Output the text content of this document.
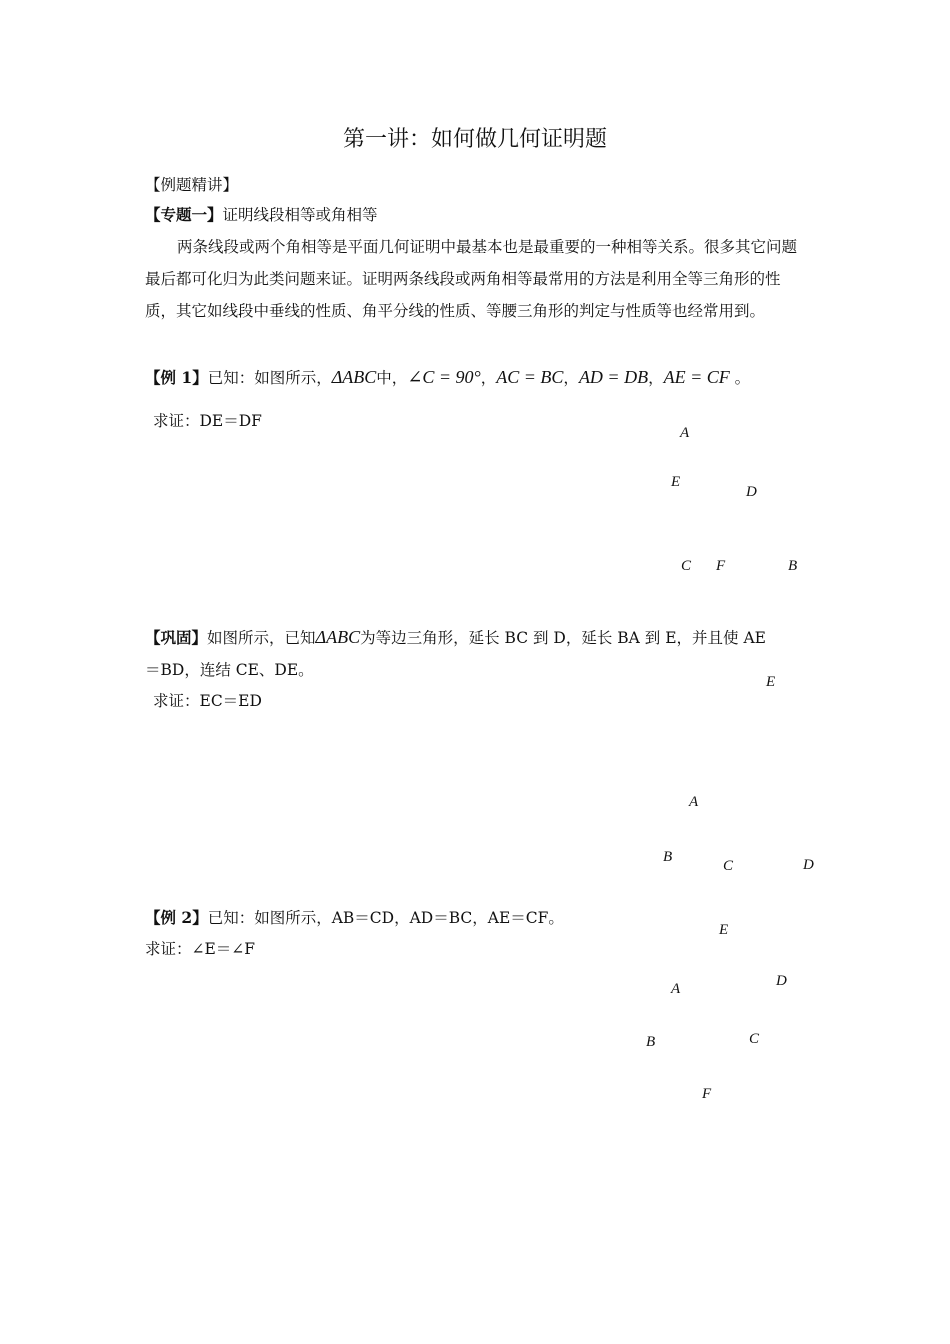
第一讲：如何做几何证明题
【例题精讲】
【专题一】证明线段相等或角相等
两条线段或两个角相等是平面几何证明中最基本也是最重要的一种相等关系。很多其它问题最后都可化归为此类问题来证。证明两条线段或两角相等最常用的方法是利用全等三角形的性质，其它如线段中垂线的性质、角平分线的性质、等腰三角形的判定与性质等也经常用到。
【例 1】已知：如图所示，ΔABC中，∠C = 90°，AC = BC，AD = DB，AE = CF 。
求证：DE＝DF
A
E
D
C F	B
【巩固】如图所示，已知ΔABC为等边三角形，延长 BC 到 D，延长 BA 到 E，并且使 AE
＝BD，连结 CE、DE。
求证：EC＝ED
E
A
B
C	D
【例 2】已知：如图所示，AB＝CD，AD＝BC，AE＝CF。
求证：∠E＝∠F
E
A	D
B	C
F
